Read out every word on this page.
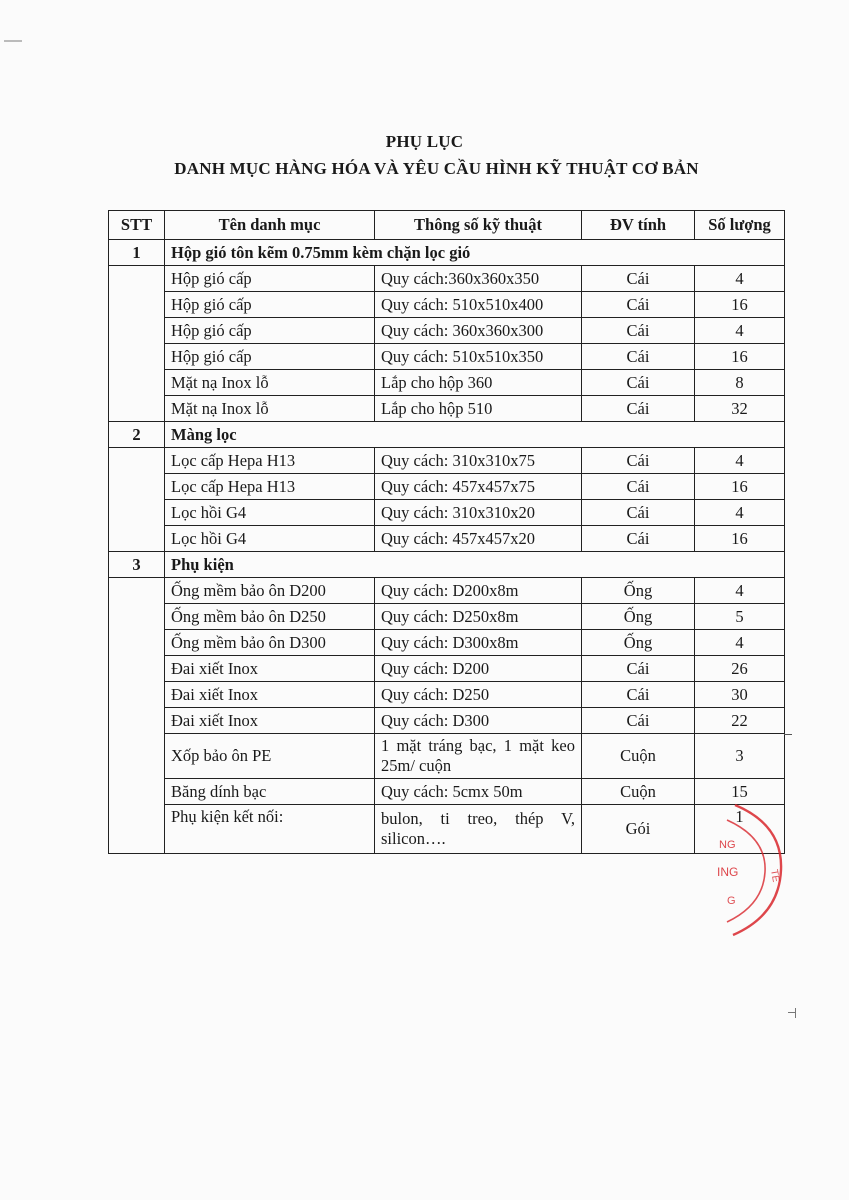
PHỤ LỤC
DANH MỤC HÀNG HÓA VÀ YÊU CẦU HÌNH KỸ THUẬT CƠ BẢN
STT	Tên danh mục	Thông số kỹ thuật	ĐV tính	Số lượng
1	Hộp gió tôn kẽm 0.75mm kèm chặn lọc gió			
	Hộp gió cấp	Quy cách:360x360x350	Cái	4
	Hộp gió cấp	Quy cách: 510x510x400	Cái	16
	Hộp gió cấp	Quy cách: 360x360x300	Cái	4
	Hộp gió cấp	Quy cách: 510x510x350	Cái	16
	Mặt nạ Inox lỗ	Lắp cho hộp 360	Cái	8
	Mặt nạ Inox lỗ	Lắp cho hộp 510	Cái	32
2	Màng lọc			
	Lọc cấp Hepa H13	Quy cách: 310x310x75	Cái	4
	Lọc cấp Hepa H13	Quy cách: 457x457x75	Cái	16
	Lọc hồi G4	Quy cách: 310x310x20	Cái	4
	Lọc hồi G4	Quy cách: 457x457x20	Cái	16
3	Phụ kiện			
	Ống mềm bảo ôn D200	Quy cách: D200x8m	Ống	4
	Ống mềm bảo ôn D250	Quy cách: D250x8m	Ống	5
	Ống mềm bảo ôn D300	Quy cách: D300x8m	Ống	4
	Đai xiết Inox	Quy cách: D200	Cái	26
	Đai xiết Inox	Quy cách: D250	Cái	30
	Đai xiết Inox	Quy cách: D300	Cái	22
	Xốp bảo ôn PE	1 mặt tráng bạc, 1 mặt keo 25m/ cuộn	Cuộn	3
	Băng dính bạc	Quy cách: 5cmx 50m	Cuộn	15
	Phụ kiện kết nối:	bulon, ti treo, thép V, silicon….	Gói	1
NG
ING
G
TE
